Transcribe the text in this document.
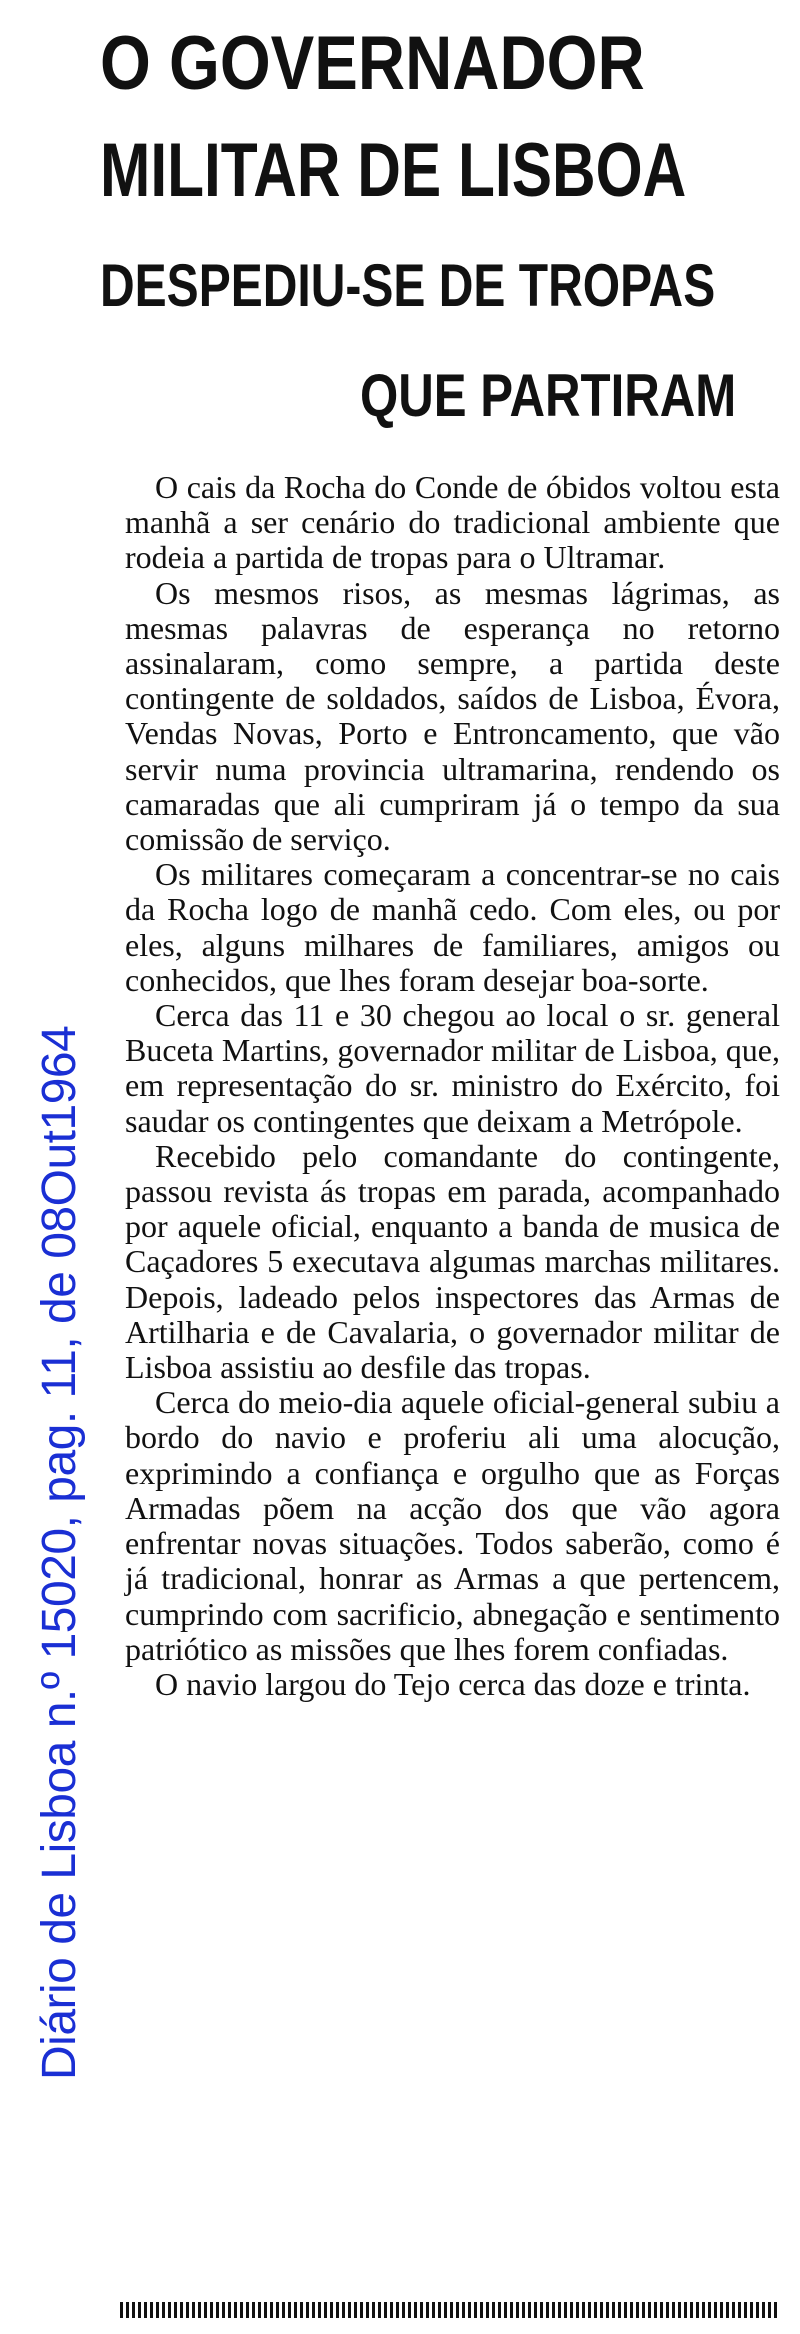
O GOVERNADOR
MILITAR DE LISBOA
DESPEDIU-SE DE TROPAS
QUE PARTIRAM
Diário de Lisboa n.º 15020, pag. 11, de 08Out1964

O cais da Rocha do Conde de óbidos voltou esta manhã a ser cenário do tradicional ambiente que rodeia a partida de tropas para o Ultramar.

Os mesmos risos, as mesmas lágrimas, as mesmas palavras de esperança no retorno assinalaram, como sempre, a partida deste contingente de soldados, saídos de Lisboa, Évora, Vendas Novas, Porto e Entroncamento, que vão servir numa provincia ultramarina, rendendo os camaradas que ali cumpriram já o tempo da sua comissão de serviço.

Os militares começaram a concentrar-se no cais da Rocha logo de manhã cedo. Com eles, ou por eles, alguns milhares de familiares, amigos ou conhecidos, que lhes foram desejar boa-sorte.

Cerca das 11 e 30 chegou ao local o sr. general Buceta Martins, governador militar de Lisboa, que, em representação do sr. ministro do Exército, foi saudar os contingentes que deixam a Metrópole.

Recebido pelo comandante do contingente, passou revista ás tropas em parada, acompanhado por aquele oficial, enquanto a banda de musica de Caçadores 5 executava algumas marchas militares. Depois, ladeado pelos inspectores das Armas de Artilharia e de Cavalaria, o governador militar de Lisboa assistiu ao desfile das tropas.

Cerca do meio-dia aquele oficial-general subiu a bordo do navio e proferiu ali uma alocução, exprimindo a confiança e orgulho que as Forças Armadas põem na acção dos que vão agora enfrentar novas situações. Todos saberão, como é já tradicional, honrar as Armas a que pertencem, cumprindo com sacrificio, abnegação e sentimento patriótico as missões que lhes forem confiadas.

O navio largou do Tejo cerca das doze e trinta.
